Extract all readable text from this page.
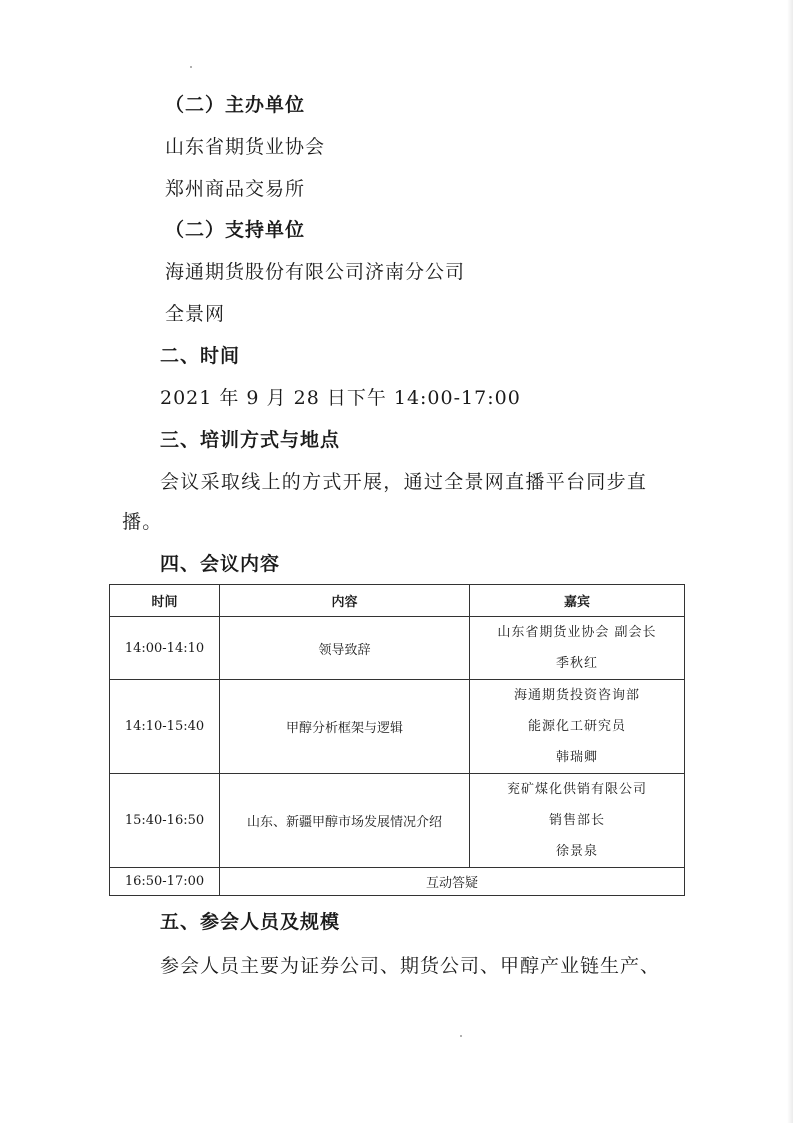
（二）主办单位
山东省期货业协会
郑州商品交易所
（二）支持单位
海通期货股份有限公司济南分公司
全景网
二、时间
2021 年 9 月 28 日下午 14:00-17:00
三、培训方式与地点
会议采取线上的方式开展，通过全景网直播平台同步直播。
四、会议内容
时间	内容	嘉宾
14:00-14:10	领导致辞	山东省期货业协会 副会长
季秋红

14:10-15:40	甲醇分析框架与逻辑	海通期货投资咨询部
能源化工研究员
韩瑞卿

15:40-16:50	山东、新疆甲醇市场发展情况介绍	兖矿煤化供销有限公司
销售部长
徐景泉

16:50-17:00	互动答疑	
五、参会人员及规模
参会人员主要为证券公司、期货公司、甲醇产业链生产、
